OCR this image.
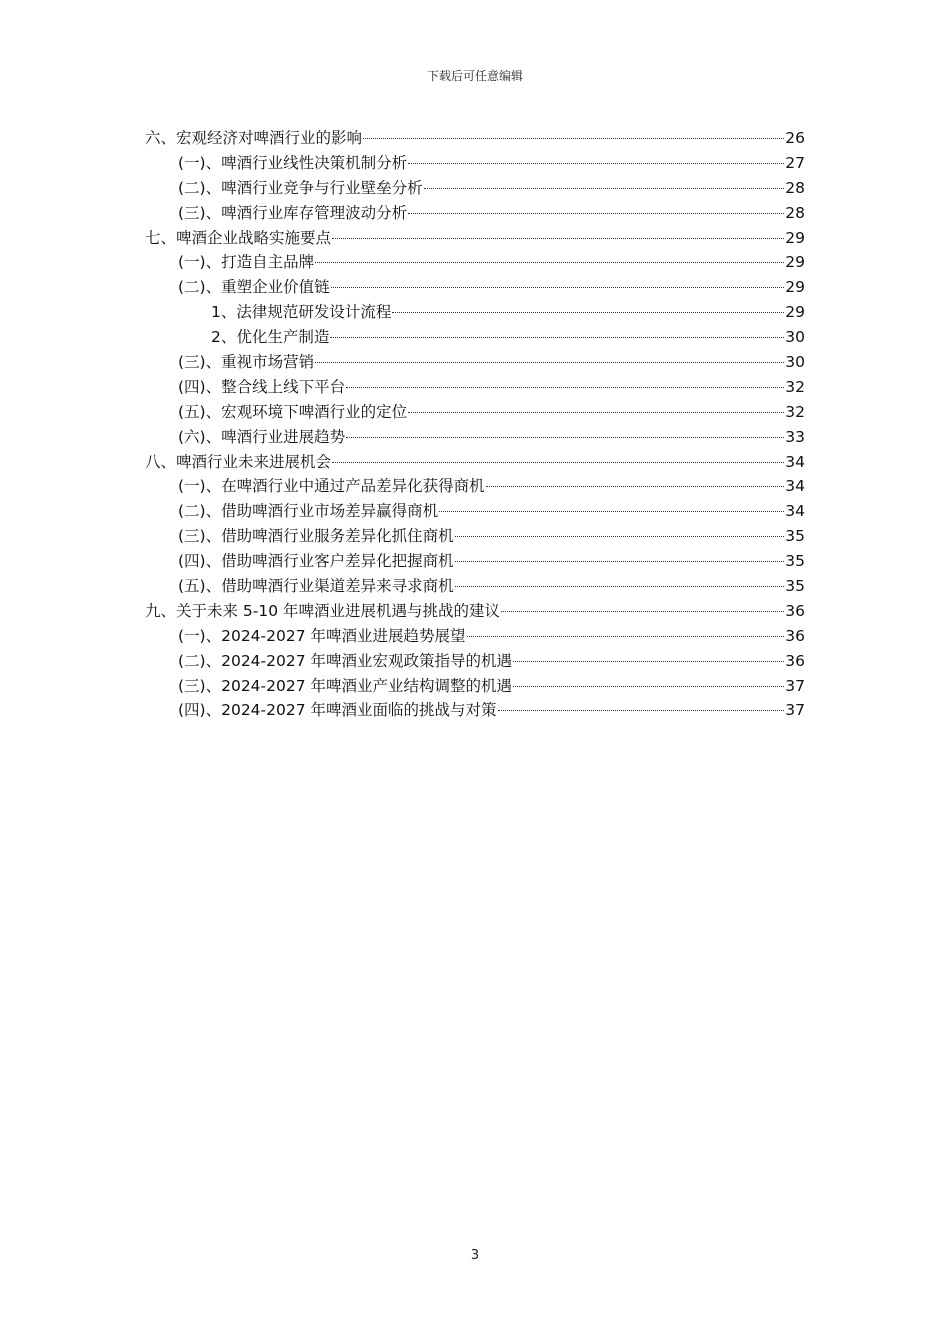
下载后可任意编辑
六、宏观经济对啤酒行业的影响	26
(一)、啤酒行业线性决策机制分析	27
(二)、啤酒行业竞争与行业壁垒分析	28
(三)、啤酒行业库存管理波动分析	28
七、啤酒企业战略实施要点	29
(一)、打造自主品牌	29
(二)、重塑企业价值链	29
1、法律规范研发设计流程	29
2、优化生产制造	30
(三)、重视市场营销	30
(四)、整合线上线下平台	32
(五)、宏观环境下啤酒行业的定位	32
(六)、啤酒行业进展趋势	33
八、啤酒行业未来进展机会	34
(一)、在啤酒行业中通过产品差异化获得商机	34
(二)、借助啤酒行业市场差异赢得商机	34
(三)、借助啤酒行业服务差异化抓住商机	35
(四)、借助啤酒行业客户差异化把握商机	35
(五)、借助啤酒行业渠道差异来寻求商机	35
九、关于未来 5-10 年啤酒业进展机遇与挑战的建议	36
(一)、2024-2027 年啤酒业进展趋势展望	36
(二)、2024-2027 年啤酒业宏观政策指导的机遇	36
(三)、2024-2027 年啤酒业产业结构调整的机遇	37
(四)、2024-2027 年啤酒业面临的挑战与对策	37
3
